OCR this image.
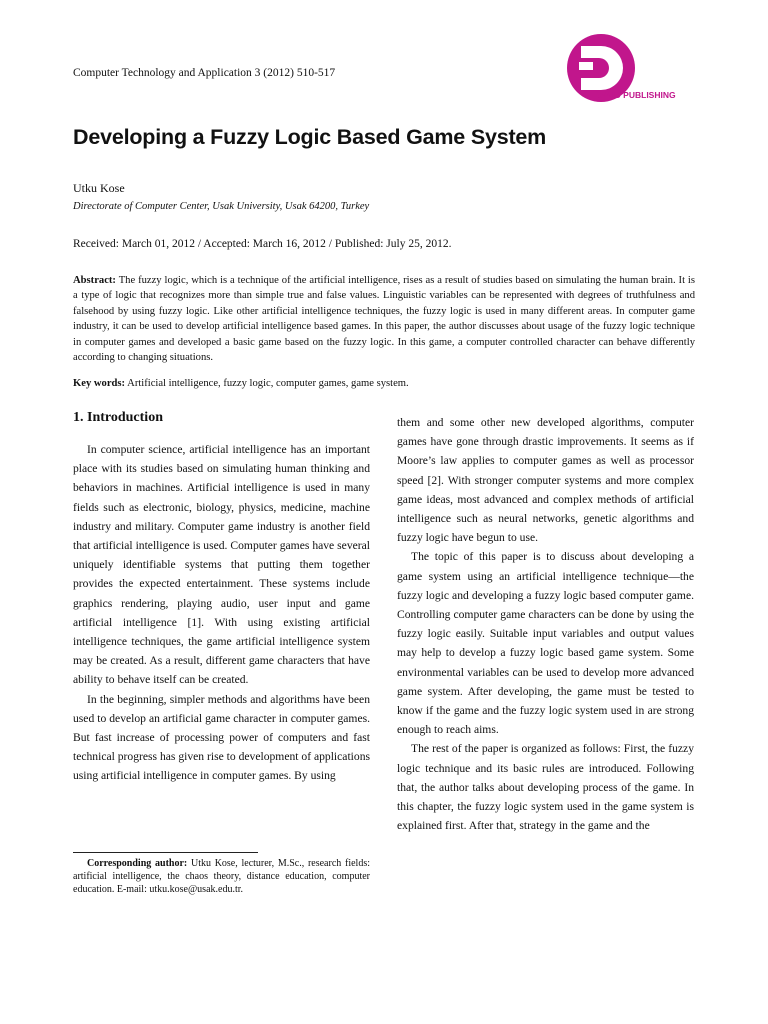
Computer Technology and Application 3 (2012) 510-517
DAVID PUBLISHING
Developing a Fuzzy Logic Based Game System
Utku Kose
Directorate of Computer Center, Usak University, Usak 64200, Turkey
Received: March 01, 2012 / Accepted: March 16, 2012 / Published: July 25, 2012.

Abstract: The fuzzy logic, which is a technique of the artificial intelligence, rises as a result of studies based on simulating the human brain. It is a type of logic that recognizes more than simple true and false values. Linguistic variables can be represented with degrees of truthfulness and falsehood by using fuzzy logic. Like other artificial intelligence techniques, the fuzzy logic is used in many different areas. In computer game industry, it can be used to develop artificial intelligence based games. In this paper, the author discusses about usage of the fuzzy logic technique in computer games and developed a basic game based on the fuzzy logic. In this game, a computer controlled character can behave differently according to changing situations.

Key words: Artificial intelligence, fuzzy logic, computer games, game system.

1. Introduction

In computer science, artificial intelligence has an important place with its studies based on simulating human thinking and behaviors in machines. Artificial intelligence is used in many fields such as electronic, biology, physics, medicine, machine industry and military. Computer game industry is another field that artificial intelligence is used. Computer games have several uniquely identifiable systems that putting them together provides the expected entertainment. These systems include graphics rendering, playing audio, user input and game artificial intelligence [1]. With using existing artificial intelligence techniques, the game artificial intelligence system may be created. As a result, different game characters that have ability to behave itself can be created.

In the beginning, simpler methods and algorithms have been used to develop an artificial game character in computer games. But fast increase of processing power of computers and fast technical progress has given rise to development of applications using artificial intelligence in computer games. By using

them and some other new developed algorithms, computer games have gone through drastic improvements. It seems as if Moore’s law applies to computer games as well as processor speed [2]. With stronger computer systems and more complex game ideas, most advanced and complex methods of artificial intelligence such as neural networks, genetic algorithms and fuzzy logic have begun to use.

The topic of this paper is to discuss about developing a game system using an artificial intelligence technique—the fuzzy logic and developing a fuzzy logic based computer game. Controlling computer game characters can be done by using the fuzzy logic easily. Suitable input variables and output values may help to develop a fuzzy logic based game system. Some environmental variables can be used to develop more advanced game system. After developing, the game must be tested to know if the game and the fuzzy logic system used in are strong enough to reach aims.

The rest of the paper is organized as follows: First, the fuzzy logic technique and its basic rules are introduced. Following that, the author talks about developing process of the game. In this chapter, the fuzzy logic system used in the game system is explained first. After that, strategy in the game and the

Corresponding author: Utku Kose, lecturer, M.Sc., research fields: artificial intelligence, the chaos theory, distance education, computer education. E-mail: utku.kose@usak.edu.tr.
